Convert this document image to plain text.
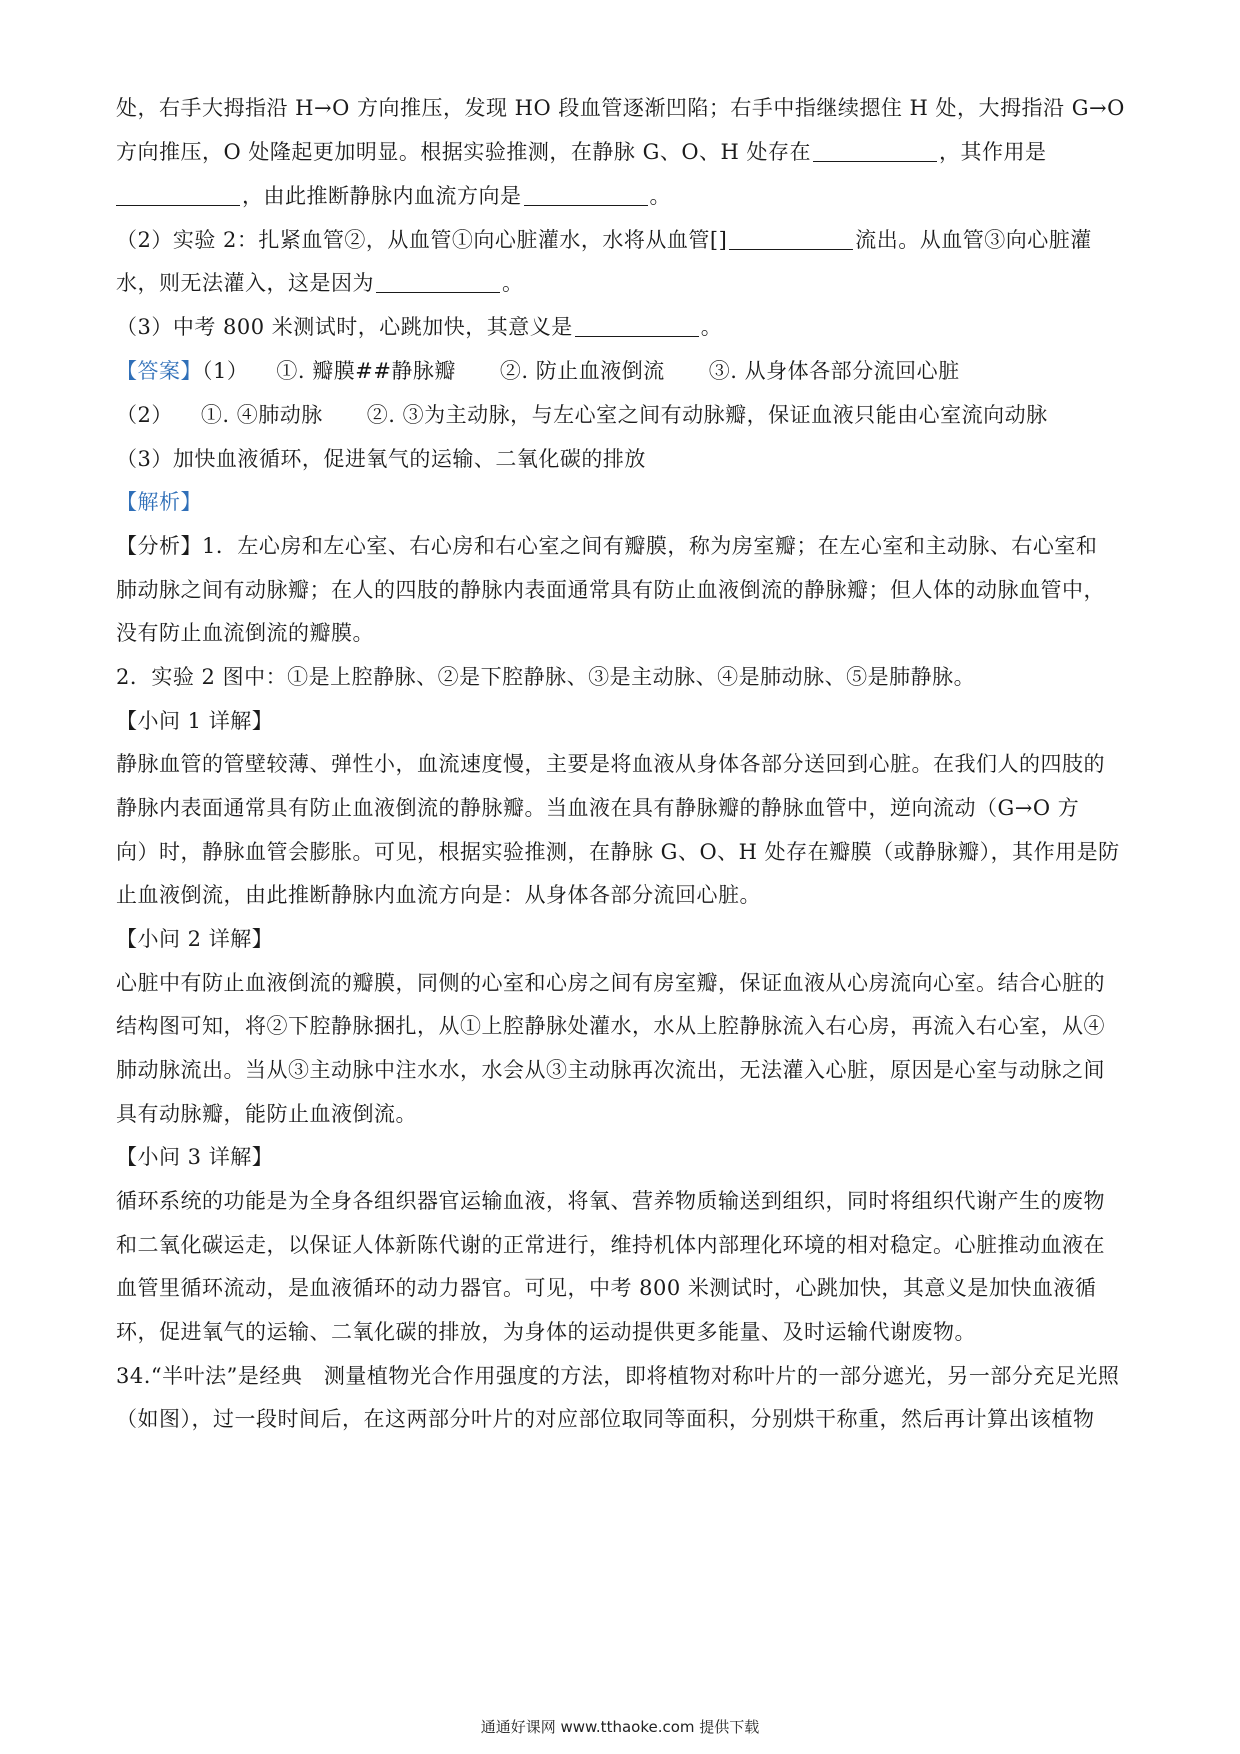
处，右手大拇指沿 H→O 方向推压，发现 HO 段血管逐渐凹陷；右手中指继续摁住 H 处，大拇指沿 G→O
方向推压，O 处隆起更加明显。根据实验推测，在静脉 G、O、H 处存在	，其作用是
，由此推断静脉内血流方向是	。
（2）实验 2：扎紧血管②，从血管①向心脏灌水，水将从血管[]	流出。从血管③向心脏灌
水，则无法灌入，这是因为	。
（3）中考 800 米测试时，心跳加快，其意义是	。
【答案】（1） ①. 瓣膜##静脉瓣 ②. 防止血液倒流 ③. 从身体各部分流回心脏
（2） ①. ④肺动脉 ②. ③为主动脉，与左心室之间有动脉瓣，保证血液只能由心室流向动脉
（3）加快血液循环，促进氧气的运输、二氧化碳的排放
【解析】
【分析】1．左心房和左心室、右心房和右心室之间有瓣膜，称为房室瓣；在左心室和主动脉、右心室和
肺动脉之间有动脉瓣；在人的四肢的静脉内表面通常具有防止血液倒流的静脉瓣；但人体的动脉血管中，
没有防止血流倒流的瓣膜。
2．实验 2 图中：①是上腔静脉、②是下腔静脉、③是主动脉、④是肺动脉、⑤是肺静脉。
【小问 1 详解】
静脉血管的管壁较薄、弹性小，血流速度慢，主要是将血液从身体各部分送回到心脏。在我们人的四肢的
静脉内表面通常具有防止血液倒流的静脉瓣。当血液在具有静脉瓣的静脉血管中，逆向流动（G→O 方
向）时，静脉血管会膨胀。可见，根据实验推测，在静脉 G、O、H 处存在瓣膜（或静脉瓣），其作用是防
止血液倒流，由此推断静脉内血流方向是：从身体各部分流回心脏。
【小问 2 详解】
心脏中有防止血液倒流的瓣膜，同侧的心室和心房之间有房室瓣，保证血液从心房流向心室。结合心脏的
结构图可知，将②下腔静脉捆扎，从①上腔静脉处灌水，水从上腔静脉流入右心房，再流入右心室，从④
肺动脉流出。当从③主动脉中注水水，水会从③主动脉再次流出，无法灌入心脏，原因是心室与动脉之间
具有动脉瓣，能防止血液倒流。
【小问 3 详解】
循环系统的功能是为全身各组织器官运输血液，将氧、营养物质输送到组织，同时将组织代谢产生的废物
和二氧化碳运走，以保证人体新陈代谢的正常进行，维持机体内部理化环境的相对稳定。心脏推动血液在
血管里循环流动，是血液循环的动力器官。可见，中考 800 米测试时，心跳加快，其意义是加快血液循
环，促进氧气的运输、二氧化碳的排放，为身体的运动提供更多能量、及时运输代谢废物。
34.“半叶法”是经典　测量植物光合作用强度的方法，即将植物对称叶片的一部分遮光，另一部分充足光照
（如图），过一段时间后，在这两部分叶片的对应部位取同等面积，分别烘干称重，然后再计算出该植物
通通好课网 www.tthaoke.com 提供下载
